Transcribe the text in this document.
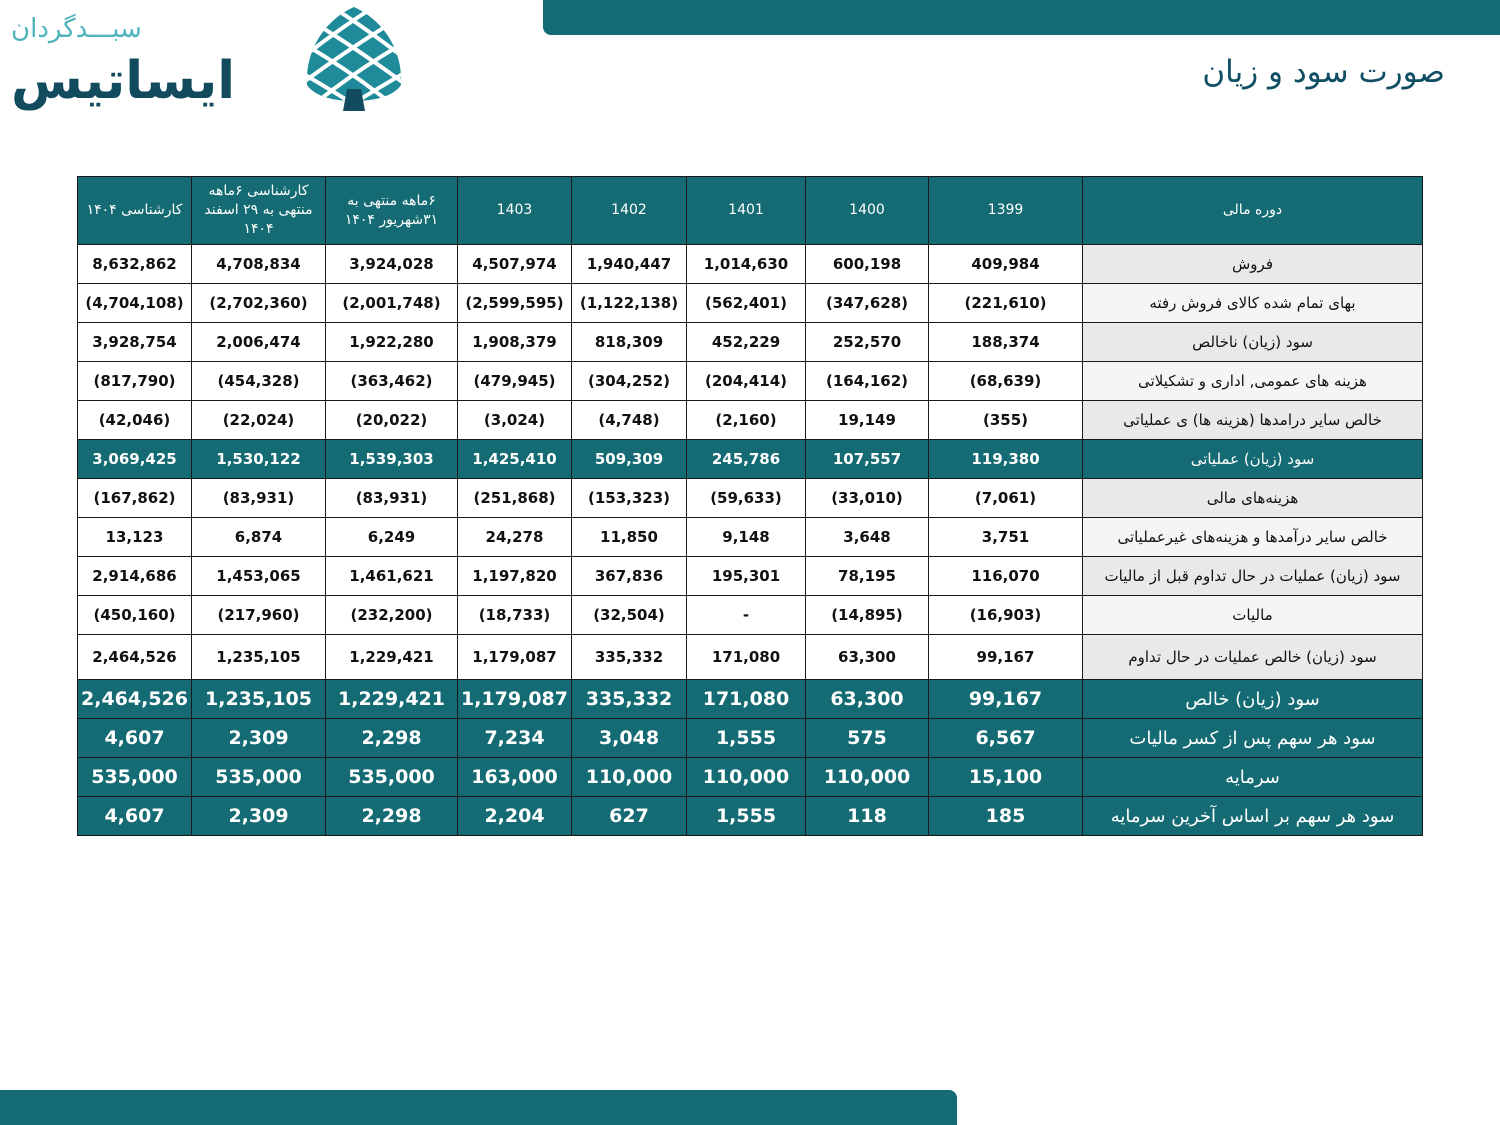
سبـــدگردان
ایساتیس	صورت سود و زیان
دوره مالی	1399	1400	1401	1402	1403	۶ماهه منتهی به ۳۱شهریور ۱۴۰۴	کارشناسی ۶ماهه منتهی به ۲۹ اسفند ۱۴۰۴	کارشناسی ۱۴۰۴
فروش	409,984	600,198	1,014,630	1,940,447	4,507,974	3,924,028	4,708,834	8,632,862
بهای تمام شده کالای فروش رفته	(221,610)	(347,628)	(562,401)	(1,122,138)	(2,599,595)	(2,001,748)	(2,702,360)	(4,704,108)
سود (زیان) ناخالص	188,374	252,570	452,229	818,309	1,908,379	1,922,280	2,006,474	3,928,754
هزینه های عمومی, اداری و تشکیلاتی	(68,639)	(164,162)	(204,414)	(304,252)	(479,945)	(363,462)	(454,328)	(817,790)
خالص سایر درامدها (هزینه ها) ی عملیاتی	(355)	19,149	(2,160)	(4,748)	(3,024)	(20,022)	(22,024)	(42,046)
سود (زیان) عملیاتی	119,380	107,557	245,786	509,309	1,425,410	1,539,303	1,530,122	3,069,425
هزینه‌های مالی	(7,061)	(33,010)	(59,633)	(153,323)	(251,868)	(83,931)	(83,931)	(167,862)
خالص سایر درآمدها و هزینه‌های غیرعملیاتی	3,751	3,648	9,148	11,850	24,278	6,249	6,874	13,123
سود (زیان) عملیات در حال تداوم قبل از مالیات	116,070	78,195	195,301	367,836	1,197,820	1,461,621	1,453,065	2,914,686
مالیات	(16,903)	(14,895)	-	(32,504)	(18,733)	(232,200)	(217,960)	(450,160)
سود (زیان) خالص عملیات در حال تداوم	99,167	63,300	171,080	335,332	1,179,087	1,229,421	1,235,105	2,464,526
سود (زیان) خالص	99,167	63,300	171,080	335,332	1,179,087	1,229,421	1,235,105	2,464,526
سود هر سهم پس از کسر مالیات	6,567	575	1,555	3,048	7,234	2,298	2,309	4,607
سرمایه	15,100	110,000	110,000	110,000	163,000	535,000	535,000	535,000
سود هر سهم بر اساس آخرین سرمایه	185	118	1,555	627	2,204	2,298	2,309	4,607
